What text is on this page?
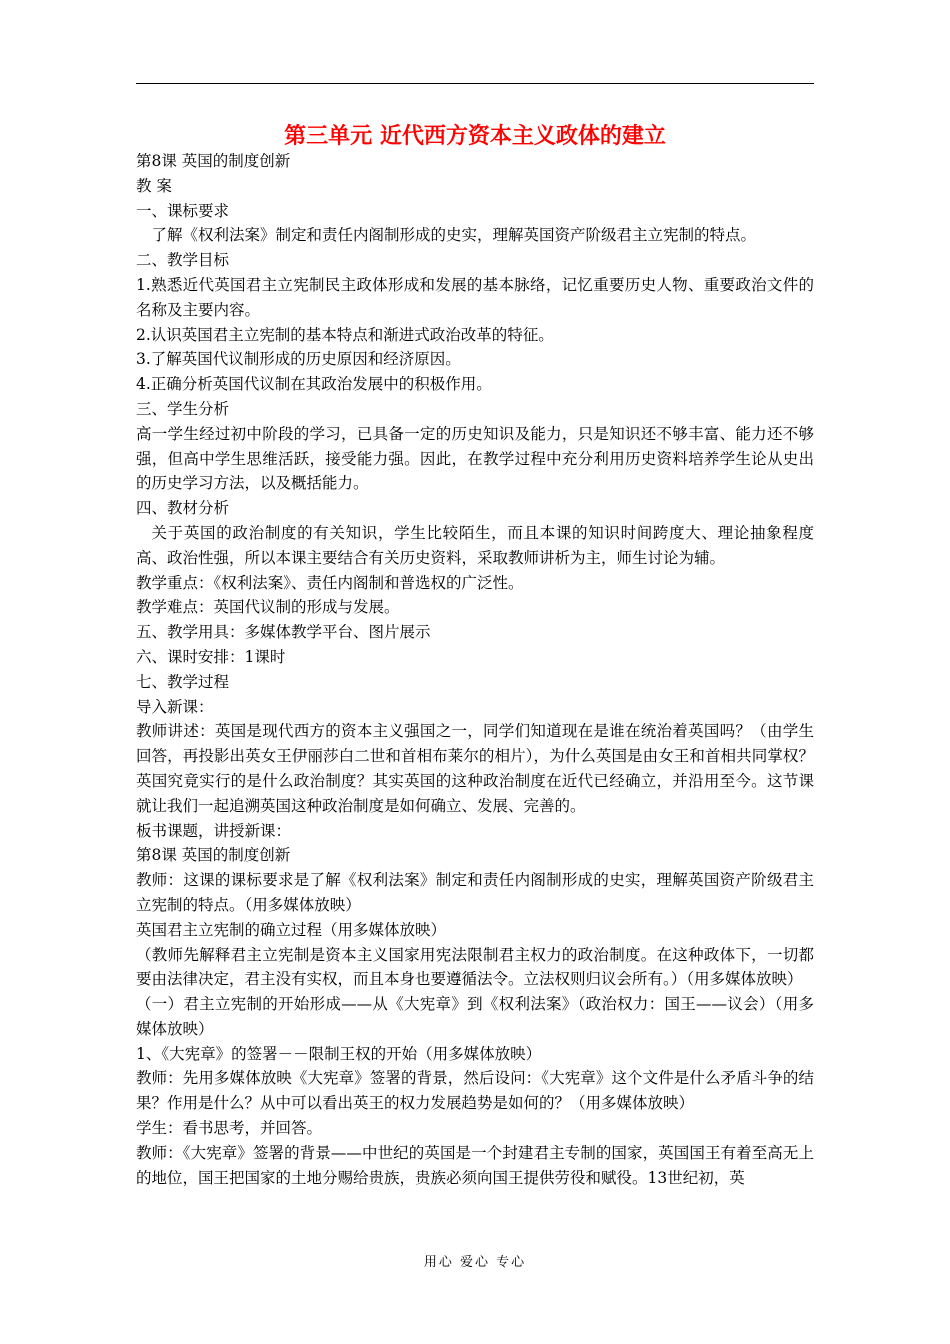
第三单元 近代西方资本主义政体的建立

第8课 英国的制度创新

教 案

一、课标要求

了解《权利法案》制定和责任内阁制形成的史实，理解英国资产阶级君主立宪制的特点。

二、教学目标

1.熟悉近代英国君主立宪制民主政体形成和发展的基本脉络，记忆重要历史人物、重要政治文件的名称及主要内容。

2.认识英国君主立宪制的基本特点和渐进式政治改革的特征。

3.了解英国代议制形成的历史原因和经济原因。

4.正确分析英国代议制在其政治发展中的积极作用。

三、学生分析

高一学生经过初中阶段的学习，已具备一定的历史知识及能力，只是知识还不够丰富、能力还不够强，但高中学生思维活跃，接受能力强。因此，在教学过程中充分利用历史资料培养学生论从史出的历史学习方法，以及概括能力。

四、教材分析

关于英国的政治制度的有关知识，学生比较陌生，而且本课的知识时间跨度大、理论抽象程度高、政治性强，所以本课主要结合有关历史资料，采取教师讲析为主，师生讨论为辅。

教学重点：《权利法案》、责任内阁制和普选权的广泛性。

教学难点：英国代议制的形成与发展。

五、教学用具：多媒体教学平台、图片展示

六、课时安排：1课时

七、教学过程

导入新课：

教师讲述：英国是现代西方的资本主义强国之一，同学们知道现在是谁在统治着英国吗？（由学生回答，再投影出英女王伊丽莎白二世和首相布莱尔的相片），为什么英国是由女王和首相共同掌权？英国究竟实行的是什么政治制度？其实英国的这种政治制度在近代已经确立，并沿用至今。这节课就让我们一起追溯英国这种政治制度是如何确立、发展、完善的。

板书课题，讲授新课：

第8课 英国的制度创新

教师：这课的课标要求是了解《权利法案》制定和责任内阁制形成的史实，理解英国资产阶级君主立宪制的特点。（用多媒体放映）

英国君主立宪制的确立过程（用多媒体放映）

（教师先解释君主立宪制是资本主义国家用宪法限制君主权力的政治制度。在这种政体下，一切都要由法律决定，君主没有实权，而且本身也要遵循法令。立法权则归议会所有。）（用多媒体放映）

（一）君主立宪制的开始形成——从《大宪章》到《权利法案》（政治权力：国王——议会）（用多媒体放映）

1、《大宪章》的签署－－限制王权的开始（用多媒体放映）

教师：先用多媒体放映《大宪章》签署的背景，然后设问：《大宪章》这个文件是什么矛盾斗争的结果？作用是什么？从中可以看出英王的权力发展趋势是如何的？（用多媒体放映）

学生：看书思考，并回答。

教师：《大宪章》签署的背景——中世纪的英国是一个封建君主专制的国家，英国国王有着至高无上的地位，国王把国家的土地分赐给贵族，贵族必须向国王提供劳役和赋役。13世纪初，英

用心 爱心 专心
